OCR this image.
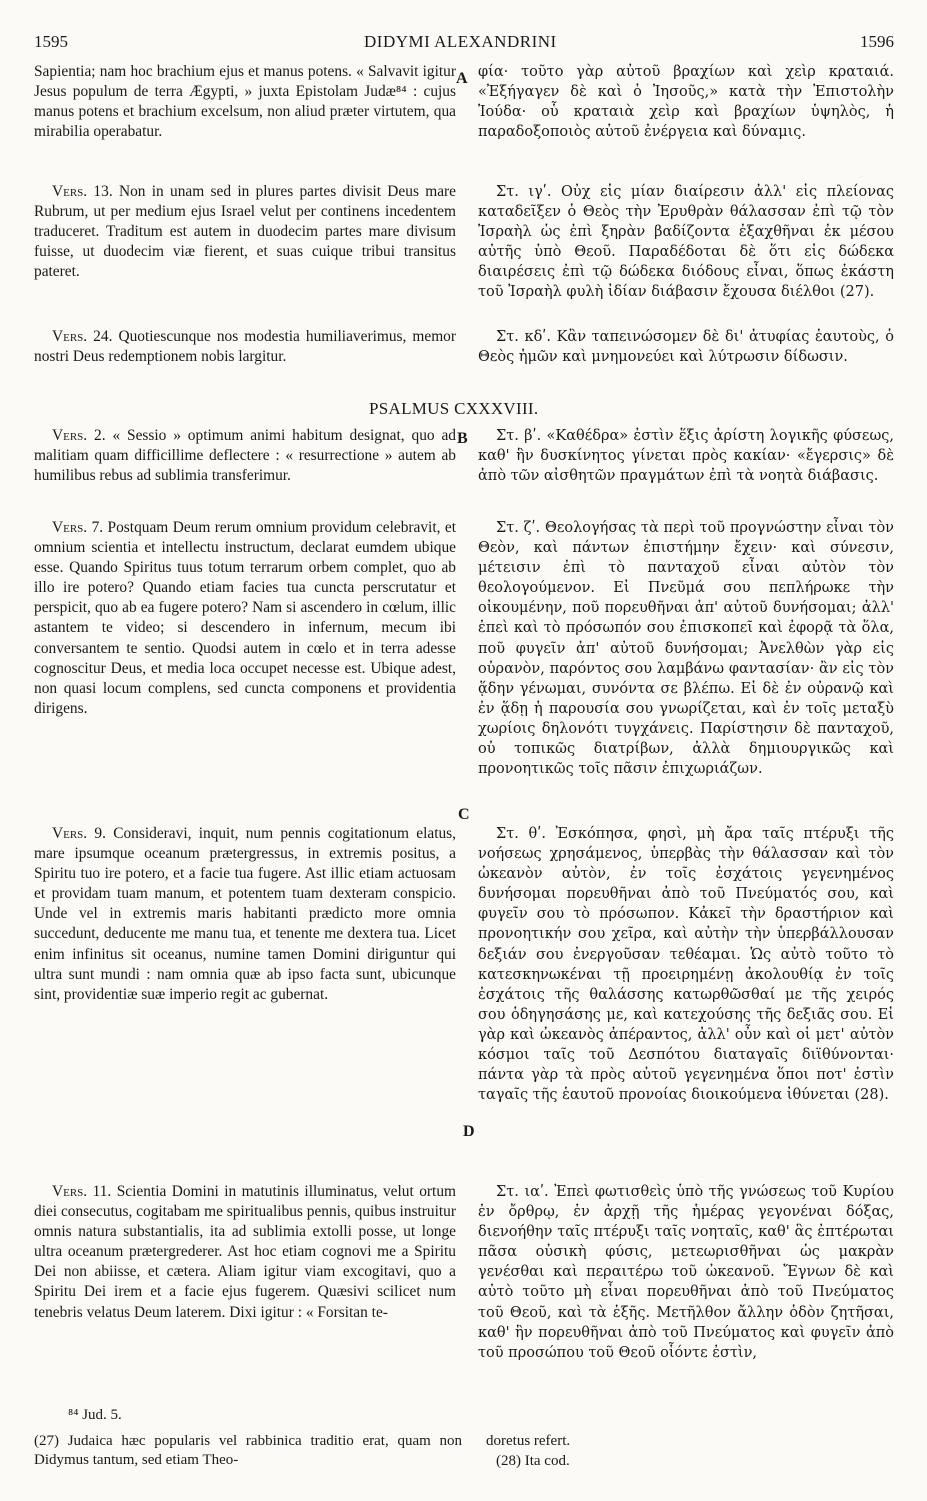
1595	DIDYMI ALEXANDRINI	1596
A
B
C
D
PSALMUS CXXXVIII.

Sapientia; nam hoc brachium ejus et manus potens. « Salvavit igitur Jesus populum de terra Ægypti, » juxta Epistolam Judæ⁸⁴ : cujus manus potens et brachium excelsum, non aliud præter virtutem, qua mirabilia operabatur.

Vers. 13. Non in unam sed in plures partes divisit Deus mare Rubrum, ut per medium ejus Israel velut per continens incedentem traduceret. Traditum est autem in duodecim partes mare divisum fuisse, ut duodecim viæ fierent, et suas cuique tribui transitus pateret.

Vers. 24. Quotiescunque nos modestia humiliaverimus, memor nostri Deus redemptionem nobis largitur.

Vers. 2. « Sessio » optimum animi habitum designat, quo ad malitiam quam difficillime deflectere : « resurrectione » autem ab humilibus rebus ad sublimia transferimur.

Vers. 7. Postquam Deum rerum omnium providum celebravit, et omnium scientia et intellectu instructum, declarat eumdem ubique esse. Quando Spiritus tuus totum terrarum orbem complet, quo ab illo ire potero? Quando etiam facies tua cuncta perscrutatur et perspicit, quo ab ea fugere potero? Nam si ascendero in cœlum, illic astantem te video; si descendero in infernum, mecum ibi conversantem te sentio. Quodsi autem in cœlo et in terra adesse cognoscitur Deus, et media loca occupet necesse est. Ubique adest, non quasi locum complens, sed cuncta componens et providentia dirigens.

Vers. 9. Consideravi, inquit, num pennis cogitationum elatus, mare ipsumque oceanum prætergressus, in extremis positus, a Spiritu tuo ire potero, et a facie tua fugere. Ast illic etiam actuosam et providam tuam manum, et potentem tuam dexteram conspicio. Unde vel in extremis maris habitanti prædicto more omnia succedunt, deducente me manu tua, et tenente me dextera tua. Licet enim infinitus sit oceanus, numine tamen Domini diriguntur qui ultra sunt mundi : nam omnia quæ ab ipso facta sunt, ubicunque sint, providentiæ suæ imperio regit ac gubernat.

Vers. 11. Scientia Domini in matutinis illuminatus, velut ortum diei consecutus, cogitabam me spiritualibus pennis, quibus instruitur omnis natura substantialis, ita ad sublimia extolli posse, ut longe ultra oceanum prætergrederer. Ast hoc etiam cognovi me a Spiritu Dei non abiisse, et cætera. Aliam igitur viam excogitavi, quo a Spiritu Dei irem et a facie ejus fugerem. Quæsivi scilicet num tenebris velatus Deum laterem. Dixi igitur : « Forsitan te-

φία· τοῦτο γὰρ αὐτοῦ βραχίων καὶ χεὶρ κραταιά. «Ἐξήγαγεν δὲ καὶ ὁ Ἰησοῦς,» κατὰ τὴν Ἐπιστολὴν Ἰούδα· οὗ κραταιὰ χεὶρ καὶ βραχίων ὑψηλὸς, ἡ παραδοξοποιὸς αὐτοῦ ἐνέργεια καὶ δύναμις.

Στ. ιγʹ. Οὐχ εἰς μίαν διαίρεσιν ἀλλ' εἰς πλείονας καταδεῖξεν ὁ Θεὸς τὴν Ἐρυθρὰν θάλασσαν ἐπὶ τῷ τὸν Ἰσραὴλ ὡς ἐπὶ ξηρὰν βαδίζοντα ἐξαχθῆναι ἐκ μέσου αὐτῆς ὑπὸ Θεοῦ. Παραδέδοται δὲ ὅτι εἰς δώδεκα διαιρέσεις ἐπὶ τῷ δώδεκα διόδους εἶναι, ὅπως ἑκάστη τοῦ Ἰσραὴλ φυλὴ ἰδίαν διάβασιν ἔχουσα διέλθοι (27).

Στ. κδʹ. Κἂν ταπεινώσομεν δὲ δι' ἀτυφίας ἑαυτοὺς, ὁ Θεὸς ἡμῶν καὶ μνημονεύει καὶ λύτρωσιν δίδωσιν.

Στ. βʹ. «Καθέδρα» ἐστὶν ἕξις ἀρίστη λογικῆς φύσεως, καθ' ἣν δυσκίνητος γίνεται πρὸς κακίαν· «ἔγερσις» δὲ ἀπὸ τῶν αἰσθητῶν πραγμάτων ἐπὶ τὰ νοητὰ διάβασις.

Στ. ζʹ. Θεολογήσας τὰ περὶ τοῦ προγνώστην εἶναι τὸν Θεὸν, καὶ πάντων ἐπιστήμην ἔχειν· καὶ σύνεσιν, μέτεισιν ἐπὶ τὸ πανταχοῦ εἶναι αὐτὸν τὸν θεολογούμενον. Εἰ Πνεῦμά σου πεπλήρωκε τὴν οἰκουμένην, ποῦ πορευθῆναι ἀπ' αὐτοῦ δυνήσομαι; ἀλλ' ἐπεὶ καὶ τὸ πρόσωπόν σου ἐπισκοπεῖ καὶ ἐφορᾷ τὰ ὅλα, ποῦ φυγεῖν ἀπ' αὐτοῦ δυνήσομαι; Ἀνελθὼν γὰρ εἰς οὐρανὸν, παρόντος σου λαμβάνω φαντασίαν· ἂν εἰς τὸν ᾅδην γένωμαι, συνόντα σε βλέπω. Εἰ δὲ ἐν οὐρανῷ καὶ ἐν ᾅδῃ ἡ παρουσία σου γνωρίζεται, καὶ ἐν τοῖς μεταξὺ χωρίοις δηλονότι τυγχάνεις. Παρίστησιν δὲ πανταχοῦ, οὐ τοπικῶς διατρίβων, ἀλλὰ δημιουργικῶς καὶ προνοητικῶς τοῖς πᾶσιν ἐπιχωριάζων.

Στ. θʹ. Ἐσκόπησα, φησὶ, μὴ ἄρα ταῖς πτέρυξι τῆς νοήσεως χρησάμενος, ὑπερβὰς τὴν θάλασσαν καὶ τὸν ὠκεανὸν αὐτὸν, ἐν τοῖς ἐσχάτοις γεγενημένος δυνήσομαι πορευθῆναι ἀπὸ τοῦ Πνεύματός σου, καὶ φυγεῖν σου τὸ πρόσωπον. Κἀκεῖ τὴν δραστήριον καὶ προνοητικήν σου χεῖρα, καὶ αὐτὴν τὴν ὑπερβάλλουσαν δεξιάν σου ἐνεργοῦσαν τεθέαμαι. Ὡς αὐτὸ τοῦτο τὸ κατεσκηνωκέναι τῇ προειρημένῃ ἀκολουθίᾳ ἐν τοῖς ἐσχάτοις τῆς θαλάσσης κατωρθῶσθαί με τῆς χειρός σου ὁδηγησάσης με, καὶ κατεχούσης τῆς δεξιᾶς σου. Εἰ γὰρ καὶ ὠκεανὸς ἀπέραντος, ἀλλ' οὖν καὶ οἱ μετ' αὐτὸν κόσμοι ταῖς τοῦ Δεσπότου διαταγαῖς διϊθύνονται· πάντα γὰρ τὰ πρὸς αὐτοῦ γεγενημένα ὅποι ποτ' ἐστὶν ταγαῖς τῆς ἑαυτοῦ προνοίας διοικούμενα ἰθύνεται (28).

Στ. ιαʹ. Ἐπεὶ φωτισθεὶς ὑπὸ τῆς γνώσεως τοῦ Κυρίου ἐν ὄρθρῳ, ἐν ἀρχῇ τῆς ἡμέρας γεγονέναι δόξας, διενοήθην ταῖς πτέρυξι ταῖς νοηταῖς, καθ' ἃς ἐπτέρωται πᾶσα οὐσικὴ φύσις, μετεωρισθῆναι ὡς μακρὰν γενέσθαι καὶ περαιτέρω τοῦ ὠκεανοῦ. Ἔγνων δὲ καὶ αὐτὸ τοῦτο μὴ εἶναι πορευθῆναι ἀπὸ τοῦ Πνεύματος τοῦ Θεοῦ, καὶ τὰ ἑξῆς. Μετῆλθον ἄλλην ὁδὸν ζητῆσαι, καθ' ἣν πορευθῆναι ἀπὸ τοῦ Πνεύματος καὶ φυγεῖν ἀπὸ τοῦ προσώπου τοῦ Θεοῦ οἷόντε ἐστὶν,

⁸⁴ Jud. 5.
(27) Judaica hæc popularis vel rabbinica traditio erat, quam non Didymus tantum, sed etiam Theo-
doretus refert.
(28) Ita cod.
